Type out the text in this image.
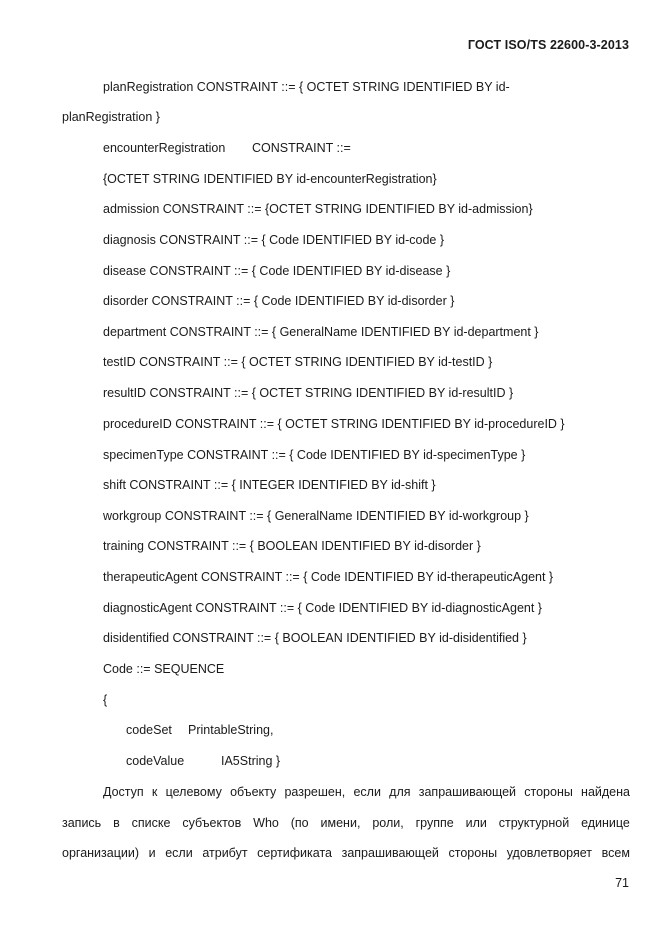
ГОСТ ISO/TS 22600-3-2013
planRegistration CONSTRAINT ::= { OCTET STRING IDENTIFIED BY id-
planRegistration }
encounterRegistration CONSTRAINT ::=
{OCTET STRING IDENTIFIED BY id-encounterRegistration}
admission CONSTRAINT ::= {OCTET STRING IDENTIFIED BY id-admission}
diagnosis CONSTRAINT ::= { Code IDENTIFIED BY id-code }
disease CONSTRAINT ::= { Code IDENTIFIED BY id-disease }
disorder CONSTRAINT ::= { Code IDENTIFIED BY id-disorder }
department CONSTRAINT ::= { GeneralName IDENTIFIED BY id-department }
testID CONSTRAINT ::= { OCTET STRING IDENTIFIED BY id-testID }
resultID CONSTRAINT ::= { OCTET STRING IDENTIFIED BY id-resultID }
procedureID CONSTRAINT ::= { OCTET STRING IDENTIFIED BY id-procedureID }
specimenType CONSTRAINT ::= { Code IDENTIFIED BY id-specimenType }
shift CONSTRAINT ::= { INTEGER IDENTIFIED BY id-shift }
workgroup CONSTRAINT ::= { GeneralName IDENTIFIED BY id-workgroup }
training CONSTRAINT ::= { BOOLEAN IDENTIFIED BY id-disorder }
therapeuticAgent CONSTRAINT ::= { Code IDENTIFIED BY id-therapeuticAgent }
diagnosticAgent CONSTRAINT ::= { Code IDENTIFIED BY id-diagnosticAgent }
disidentified CONSTRAINT ::= { BOOLEAN IDENTIFIED BY id-disidentified }
Code ::= SEQUENCE
{
codeSet PrintableString,
codeValue	IA5String }
Доступ к целевому объекту разрешен, если для запрашивающей стороны найдена
запись в списке субъектов Who (по имени, роли, группе или структурной единице
организации) и если атрибут сертификата запрашивающей стороны удовлетворяет всем
71
